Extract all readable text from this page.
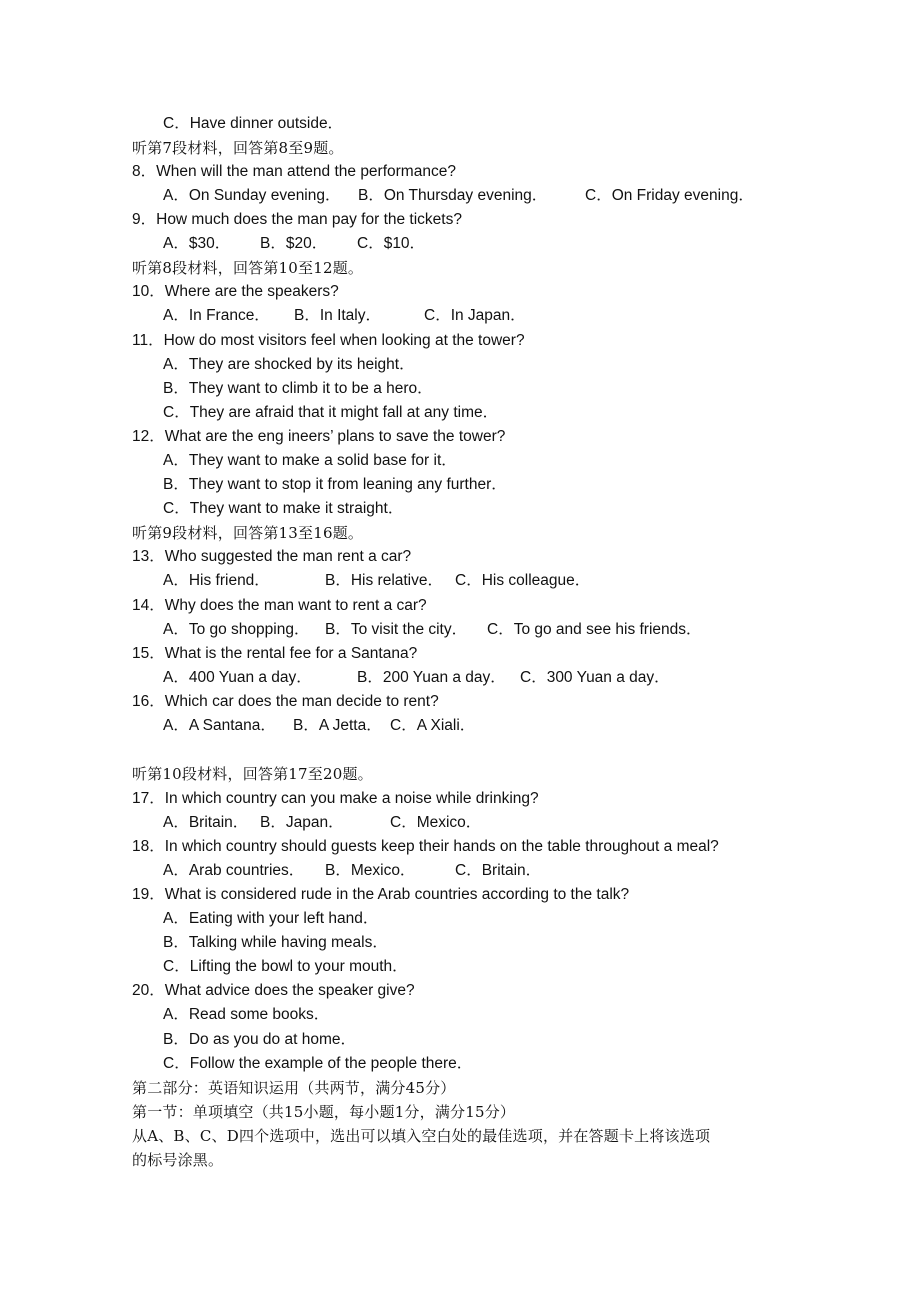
C．Have dinner outside．
听第7段材料，回答第8至9题。
8．When will the man attend the performance?

A．On Sunday evening．

B．On Thursday evening．

C．On Friday evening．

9．How much does the man pay for the tickets?

A．$30．

B．$20．

C．$10．

听第8段材料，回答第10至12题。
10．Where are the speakers?

A．In France．

B．In Italy．

	C．In Japan．

11．How do most visitors feel when looking at the tower?
A．They are shocked by its height．
B．They want to climb it to be a hero．
C．They are afraid that it might fall at any time．
12．What are the eng ineers’ plans to save the tower?
A．They want to make a solid base for it．
B．They want to stop it from leaning any further．
C．They want to make it straight．
听第9段材料，回答第13至16题。
13．Who suggested the man rent a car?

A．His friend．

	B．His relative．

C．His colleague．

14．Why does the man want to rent a car?

A．To go shopping．

B．To visit the city．

C．To go and see his friends．

15．What is the rental fee for a Santana?

A．400 Yuan a day．

	B．200 Yuan a day．

C．300 Yuan a day．

16．Which car does the man decide to rent?

A．A Santana．

B．A Jetta．

C．A Xiali．

听第10段材料，回答第17至20题。
17．In which country can you make a noise while drinking?

A．Britain．

B．Japan．

	C．Mexico．

18．In which country should guests keep their hands on the table throughout a meal?

A．Arab countries．

B．Mexico．

	C．Britain．

19．What is considered rude in the Arab countries according to the talk?
A．Eating with your left hand．
B．Talking while having meals．
C．Lifting the bowl to your mouth．
20．What advice does the speaker give?
A．Read some books．
B．Do as you do at home．
C．Follow the example of the people there．
第二部分：英语知识运用（共两节，满分45分）
第一节：单项填空（共15小题，每小题1分，满分15分）
从A、B、C、D四个选项中，选出可以填入空白处的最佳选项，并在答题卡上将该选项
的标号涂黑。
